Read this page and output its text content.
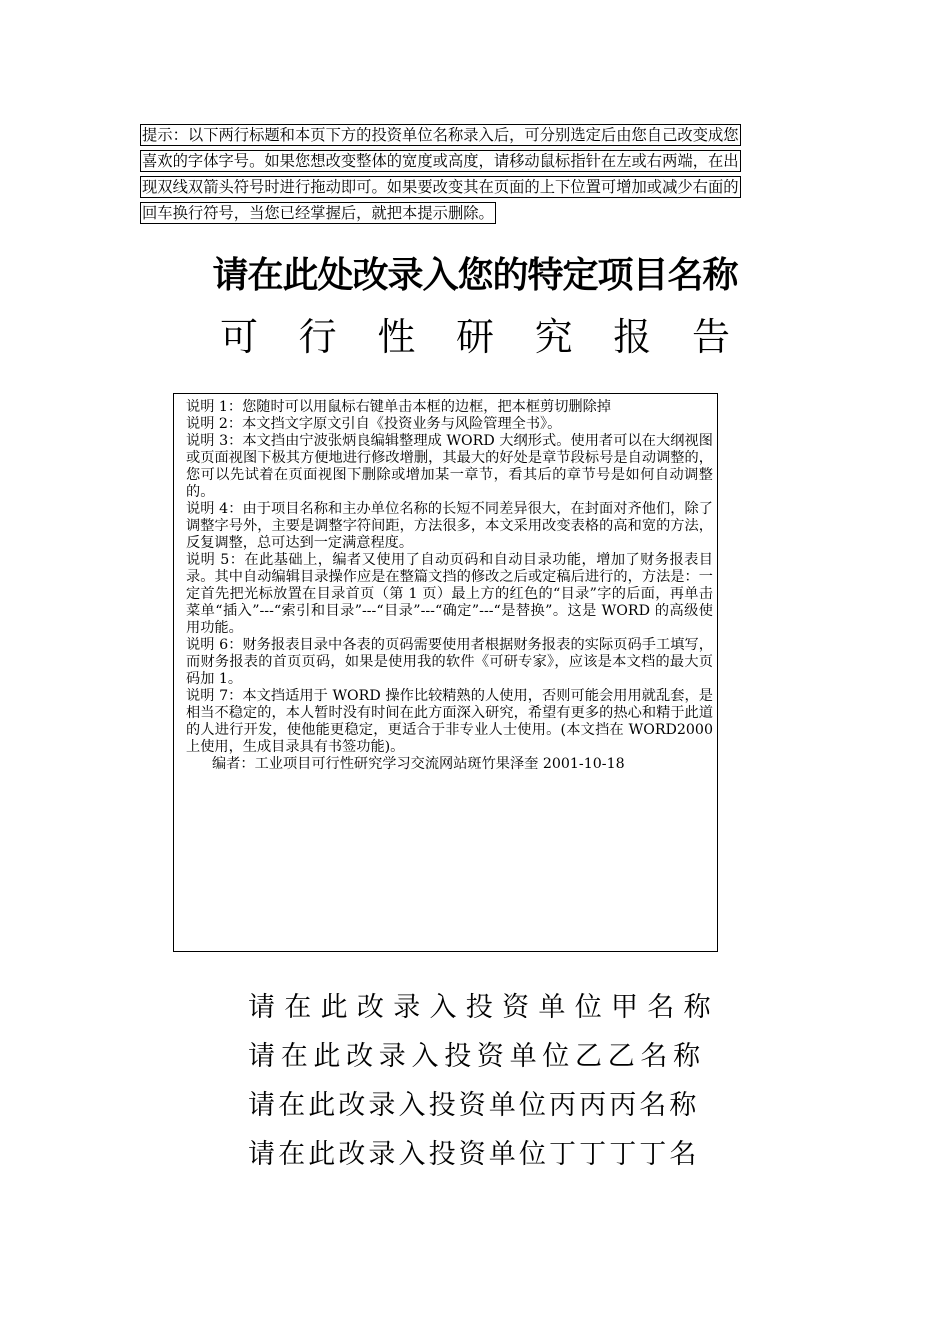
提示：以下两行标题和本页下方的投资单位名称录入后，可分别选定后由您自己改变成您
喜欢的字体字号。如果您想改变整体的宽度或高度，请移动鼠标指针在左或右两端，在出
现双线双箭头符号时进行拖动即可。如果要改变其在页面的上下位置可增加或减少右面的
回车换行符号，当您已经掌握后，就把本提示删除。
请在此处改录入您的特定项目名称
可 行 性 研 究 报 告

说明 1：您随时可以用鼠标右键单击本框的边框，把本框剪切删除掉

说明 2：本文挡文字原文引自《投资业务与风险管理全书》。

说明 3：本文挡由宁波张炳良编辑整理成 WORD 大纲形式。使用者可以在大纲视图或页面视图下极其方便地进行修改增删，其最大的好处是章节段标号是自动调整的，您可以先试着在页面视图下删除或增加某一章节，看其后的章节号是如何自动调整的。

说明 4：由于项目名称和主办单位名称的长短不同差异很大，在封面对齐他们，除了调整字号外，主要是调整字符间距，方法很多，本文采用改变表格的高和宽的方法，反复调整，总可达到一定满意程度。

说明 5：在此基础上，编者又使用了自动页码和自动目录功能，增加了财务报表目录。其中自动编辑目录操作应是在整篇文挡的修改之后或定稿后进行的，方法是：一定首先把光标放置在目录首页（第 1 页）最上方的红色的“目录”字的后面，再单击菜单“插入”---“索引和目录”---“目录”---“确定”---“是替换”。这是 WORD 的高级使用功能。

说明 6：财务报表目录中各表的页码需要使用者根据财务报表的实际页码手工填写，而财务报表的首页页码，如果是使用我的软件《可研专家》，应该是本文档的最大页码加 1。

说明 7：本文挡适用于 WORD 操作比较精熟的人使用，否则可能会用用就乱套，是相当不稳定的，本人暂时没有时间在此方面深入研究，希望有更多的热心和精于此道的人进行开发，使他能更稳定，更适合于非专业人士使用。(本文挡在 WORD2000 上使用，生成目录具有书签功能)。

编者：工业项目可行性研究学习交流网站斑竹果泽奎 2001-10-18

请在此改录入投资单位甲名称
请在此改录入投资单位乙乙名称
请在此改录入投资单位丙丙丙名称
请在此改录入投资单位丁丁丁丁名
